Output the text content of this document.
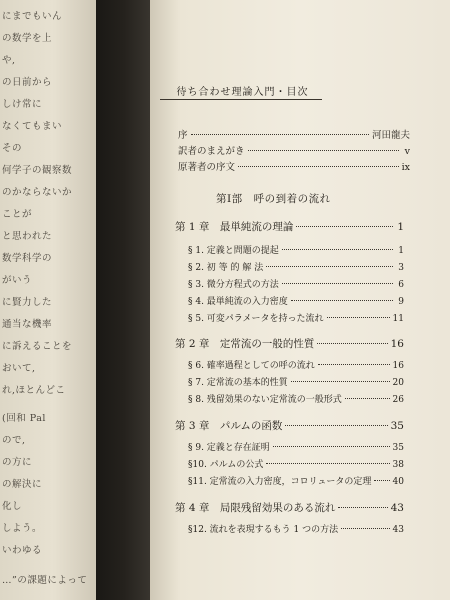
にまでもいん
の数学を上
や,
の日前から
しけ常に
なくてもまい
その
何学子の観察数
のかならないか
ことが
と思われた
数学科学の
がいう
に賢力した
通当な機率
に訴えることを
おいて,
れ,ほとんどこ
(回和 Pal
ので,
の方に
の解決に
化し
しよう。
いわゆる
…”の課題によって
待ち合わせ理論入門・目次
序	河田龍夫
訳者のまえがき	v
原著者の序文	ix
第Ⅰ部　呼の到着の流れ
第 1 章　最単純流の理論	1
§ 1. 定義と問題の提起	1
§ 2. 初 等 的 解 法	3
§ 3. 微分方程式の方法	6
§ 4. 最単純流の入力密度	9
§ 5. 可変パラメータを持った流れ	11
第 2 章　定常流の一般的性質	16
§ 6. 確率過程としての呼の流れ	16
§ 7. 定常流の基本的性質	20
§ 8. 残留効果のない定常流の一般形式	26
第 3 章　パルムの函数	35
§ 9. 定義と存在証明	35
§10. パルムの公式	38
§11. 定常流の入力密度，コロリュータの定理 40
第 4 章　局限残留効果のある流れ	43
§12. 流れを表現するもう 1 つの方法	43
